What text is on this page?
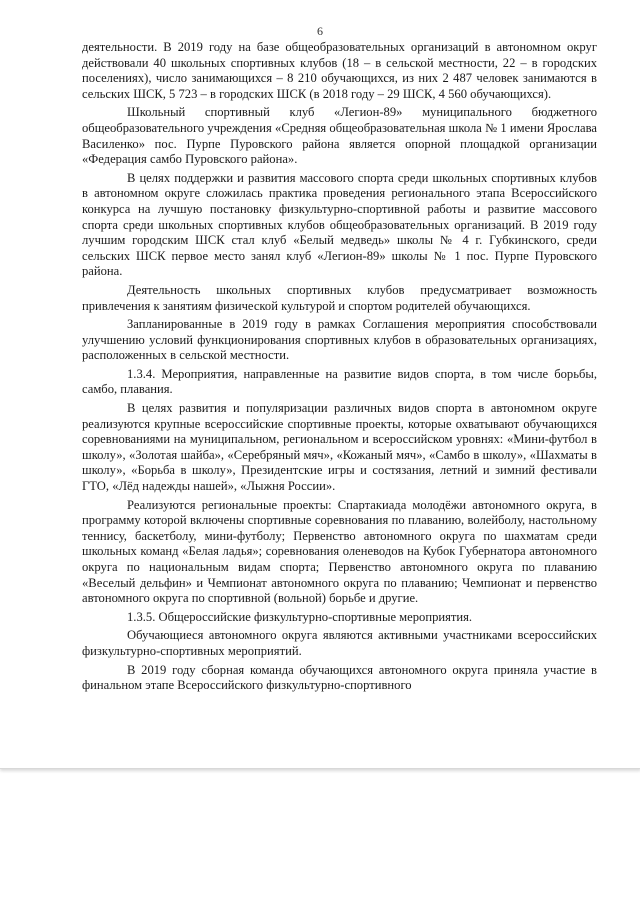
6

деятельности. В 2019 году на базе общеобразовательных организаций в автономном округ действовали 40 школьных спортивных клубов (18 – в сельской местности, 22 – в городских поселениях), число занимающихся – 8 210 обучающихся, из них 2 487 человек занимаются в сельских ШСК, 5 723 – в городских ШСК (в 2018 году – 29 ШСК, 4 560 обучающихся).

Школьный спортивный клуб «Легион-89» муниципального бюджетного общеобразовательного учреждения «Средняя общеобразовательная школа № 1 имени Ярослава Василенко» пос. Пурпе Пуровского района является опорной площадкой организации «Федерация самбо Пуровского района».

В целях поддержки и развития массового спорта среди школьных спортивных клубов в автономном округе сложилась практика проведения регионального этапа Всероссийского конкурса на лучшую постановку физкультурно-спортивной работы и развитие массового спорта среди школьных спортивных клубов общеобразовательных организаций. В 2019 году лучшим городским ШСК стал клуб «Белый медведь» школы № 4 г. Губкинского, среди сельских ШСК первое место занял клуб «Легион-89» школы № 1 пос. Пурпе Пуровского района.

Деятельность школьных спортивных клубов предусматривает возможность привлечения к занятиям физической культурой и спортом родителей обучающихся.

Запланированные в 2019 году в рамках Соглашения мероприятия способствовали улучшению условий функционирования спортивных клубов в образовательных организациях, расположенных в сельской местности.

1.3.4. Мероприятия, направленные на развитие видов спорта, в том числе борьбы, самбо, плавания.

В целях развития и популяризации различных видов спорта в автономном округе реализуются крупные всероссийские спортивные проекты, которые охватывают обучающихся соревнованиями на муниципальном, региональном и всероссийском уровнях: «Мини-футбол в школу», «Золотая шайба», «Серебряный мяч», «Кожаный мяч», «Самбо в школу», «Шахматы в школу», «Борьба в школу», Президентские игры и состязания, летний и зимний фестивали ГТО, «Лёд надежды нашей», «Лыжня России».

Реализуются региональные проекты: Спартакиада молодёжи автономного округа, в программу которой включены спортивные соревнования по плаванию, волейболу, настольному теннису, баскетболу, мини-футболу; Первенство автономного округа по шахматам среди школьных команд «Белая ладья»; соревнования оленеводов на Кубок Губернатора автономного округа по национальным видам спорта; Первенство автономного округа по плаванию «Веселый дельфин» и Чемпионат автономного округа по плаванию; Чемпионат и первенство автономного округа по спортивной (вольной) борьбе и другие.

1.3.5. Общероссийские физкультурно-спортивные мероприятия.

Обучающиеся автономного округа являются активными участниками всероссийских физкультурно-спортивных мероприятий.

В 2019 году сборная команда обучающихся автономного округа приняла участие в финальном этапе Всероссийского физкультурно-спортивного
